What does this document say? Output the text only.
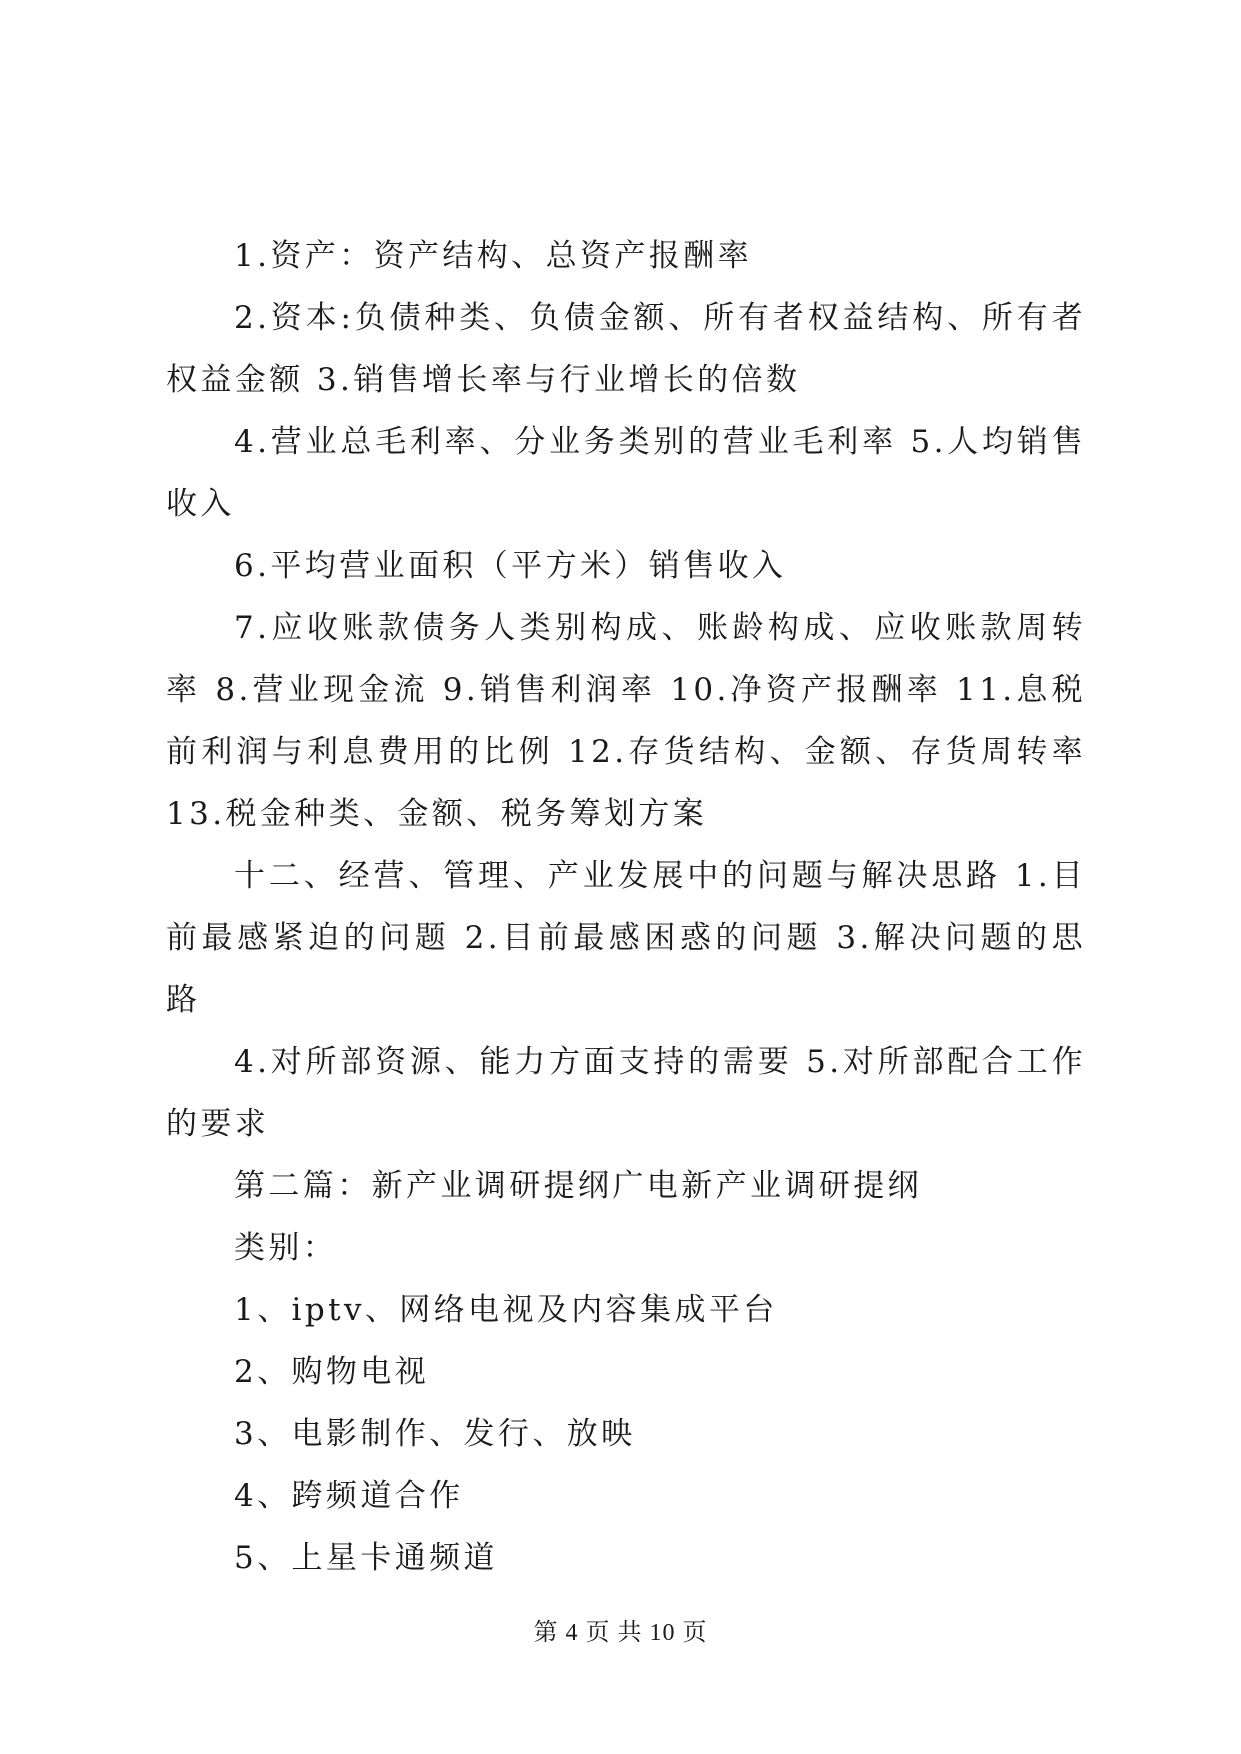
1.资产：资产结构、总资产报酬率

2.资本:负债种类、负债金额、所有者权益结构、所有者权益金额 3.销售增长率与行业增长的倍数

4.营业总毛利率、分业务类别的营业毛利率 5.人均销售收入

6.平均营业面积（平方米）销售收入

7.应收账款债务人类别构成、账龄构成、应收账款周转率 8.营业现金流 9.销售利润率 10.净资产报酬率 11.息税前利润与利息费用的比例 12.存货结构、金额、存货周转率 13.税金种类、金额、税务筹划方案

十二、经营、管理、产业发展中的问题与解决思路 1.目前最感紧迫的问题 2.目前最感困惑的问题 3.解决问题的思路

4.对所部资源、能力方面支持的需要 5.对所部配合工作的要求

第二篇：新产业调研提纲广电新产业调研提纲

类别：

1、iptv、网络电视及内容集成平台

2、购物电视

3、电影制作、发行、放映

4、跨频道合作

5、上星卡通频道

第 4 页 共 10 页
